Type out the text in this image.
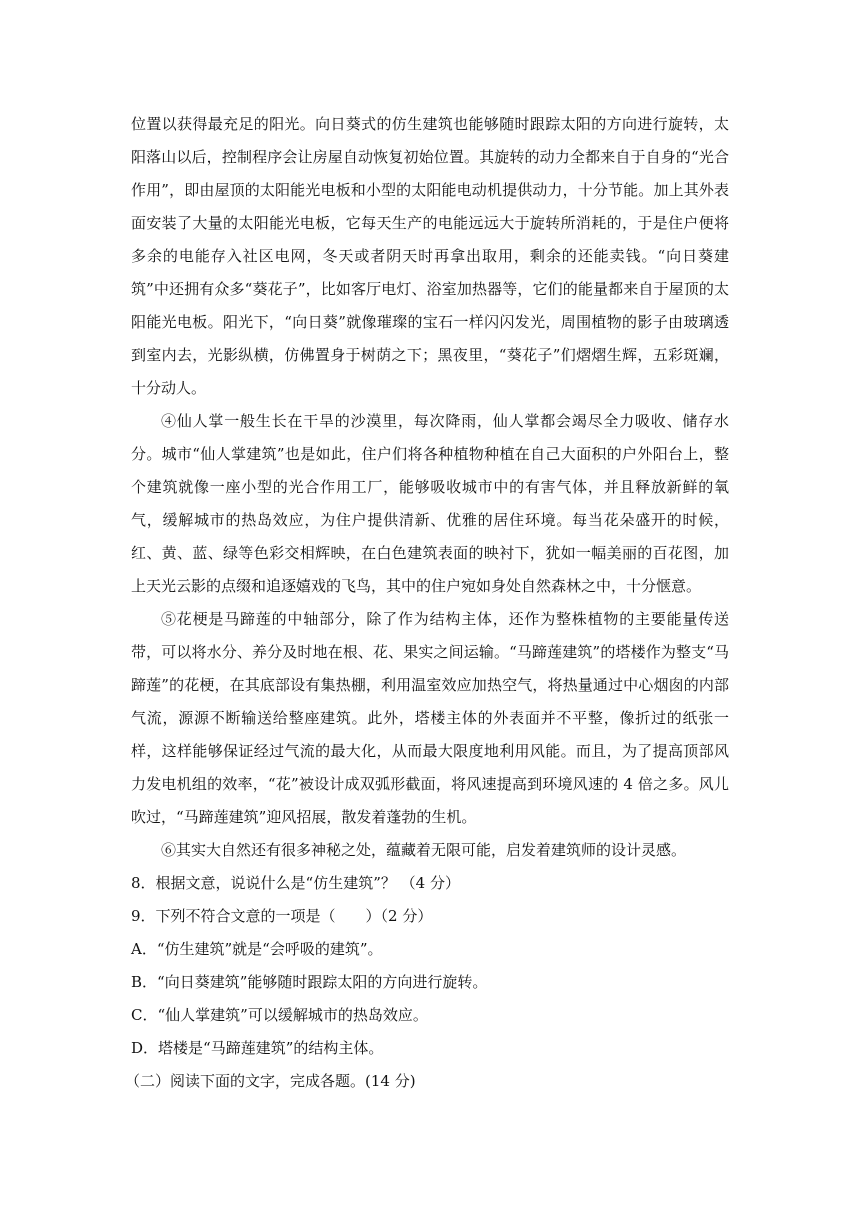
位置以获得最充足的阳光。向日葵式的仿生建筑也能够随时跟踪太阳的方向进行旋转，太阳落山以后，控制程序会让房屋自动恢复初始位置。其旋转的动力全都来自于自身的“光合作用”，即由屋顶的太阳能光电板和小型的太阳能电动机提供动力，十分节能。加上其外表面安装了大量的太阳能光电板，它每天生产的电能远远大于旋转所消耗的，于是住户便将多余的电能存入社区电网，冬天或者阴天时再拿出取用，剩余的还能卖钱。“向日葵建筑”中还拥有众多“葵花子”，比如客厅电灯、浴室加热器等，它们的能量都来自于屋顶的太阳能光电板。阳光下，“向日葵”就像璀璨的宝石一样闪闪发光，周围植物的影子由玻璃透到室内去，光影纵横，仿佛置身于树荫之下；黑夜里，“葵花子”们熠熠生辉，五彩斑斓，十分动人。

④仙人掌一般生长在干旱的沙漠里，每次降雨，仙人掌都会竭尽全力吸收、储存水分。城市“仙人掌建筑”也是如此，住户们将各种植物种植在自己大面积的户外阳台上，整个建筑就像一座小型的光合作用工厂，能够吸收城市中的有害气体，并且释放新鲜的氧气，缓解城市的热岛效应，为住户提供清新、优雅的居住环境。每当花朵盛开的时候，红、黄、蓝、绿等色彩交相辉映，在白色建筑表面的映衬下，犹如一幅美丽的百花图，加上天光云影的点缀和追逐嬉戏的飞鸟，其中的住户宛如身处自然森林之中，十分惬意。

⑤花梗是马蹄莲的中轴部分，除了作为结构主体，还作为整株植物的主要能量传送带，可以将水分、养分及时地在根、花、果实之间运输。“马蹄莲建筑”的塔楼作为整支“马蹄莲”的花梗，在其底部设有集热棚，利用温室效应加热空气，将热量通过中心烟囱的内部气流，源源不断输送给整座建筑。此外，塔楼主体的外表面并不平整，像折过的纸张一样，这样能够保证经过气流的最大化，从而最大限度地利用风能。而且，为了提高顶部风力发电机组的效率，“花”被设计成双弧形截面，将风速提高到环境风速的 4 倍之多。风儿吹过，“马蹄莲建筑”迎风招展，散发着蓬勃的生机。

⑥其实大自然还有很多神秘之处，蕴藏着无限可能，启发着建筑师的设计灵感。

8．根据文意，说说什么是“仿生建筑”？ （4 分）

9．下列不符合文意的一项是（　　）（2 分）

A．“仿生建筑”就是“会呼吸的建筑”。

B．“向日葵建筑”能够随时跟踪太阳的方向进行旋转。

C．“仙人掌建筑”可以缓解城市的热岛效应。

D．塔楼是“马蹄莲建筑”的结构主体。

（二）阅读下面的文字，完成各题。(14 分)
